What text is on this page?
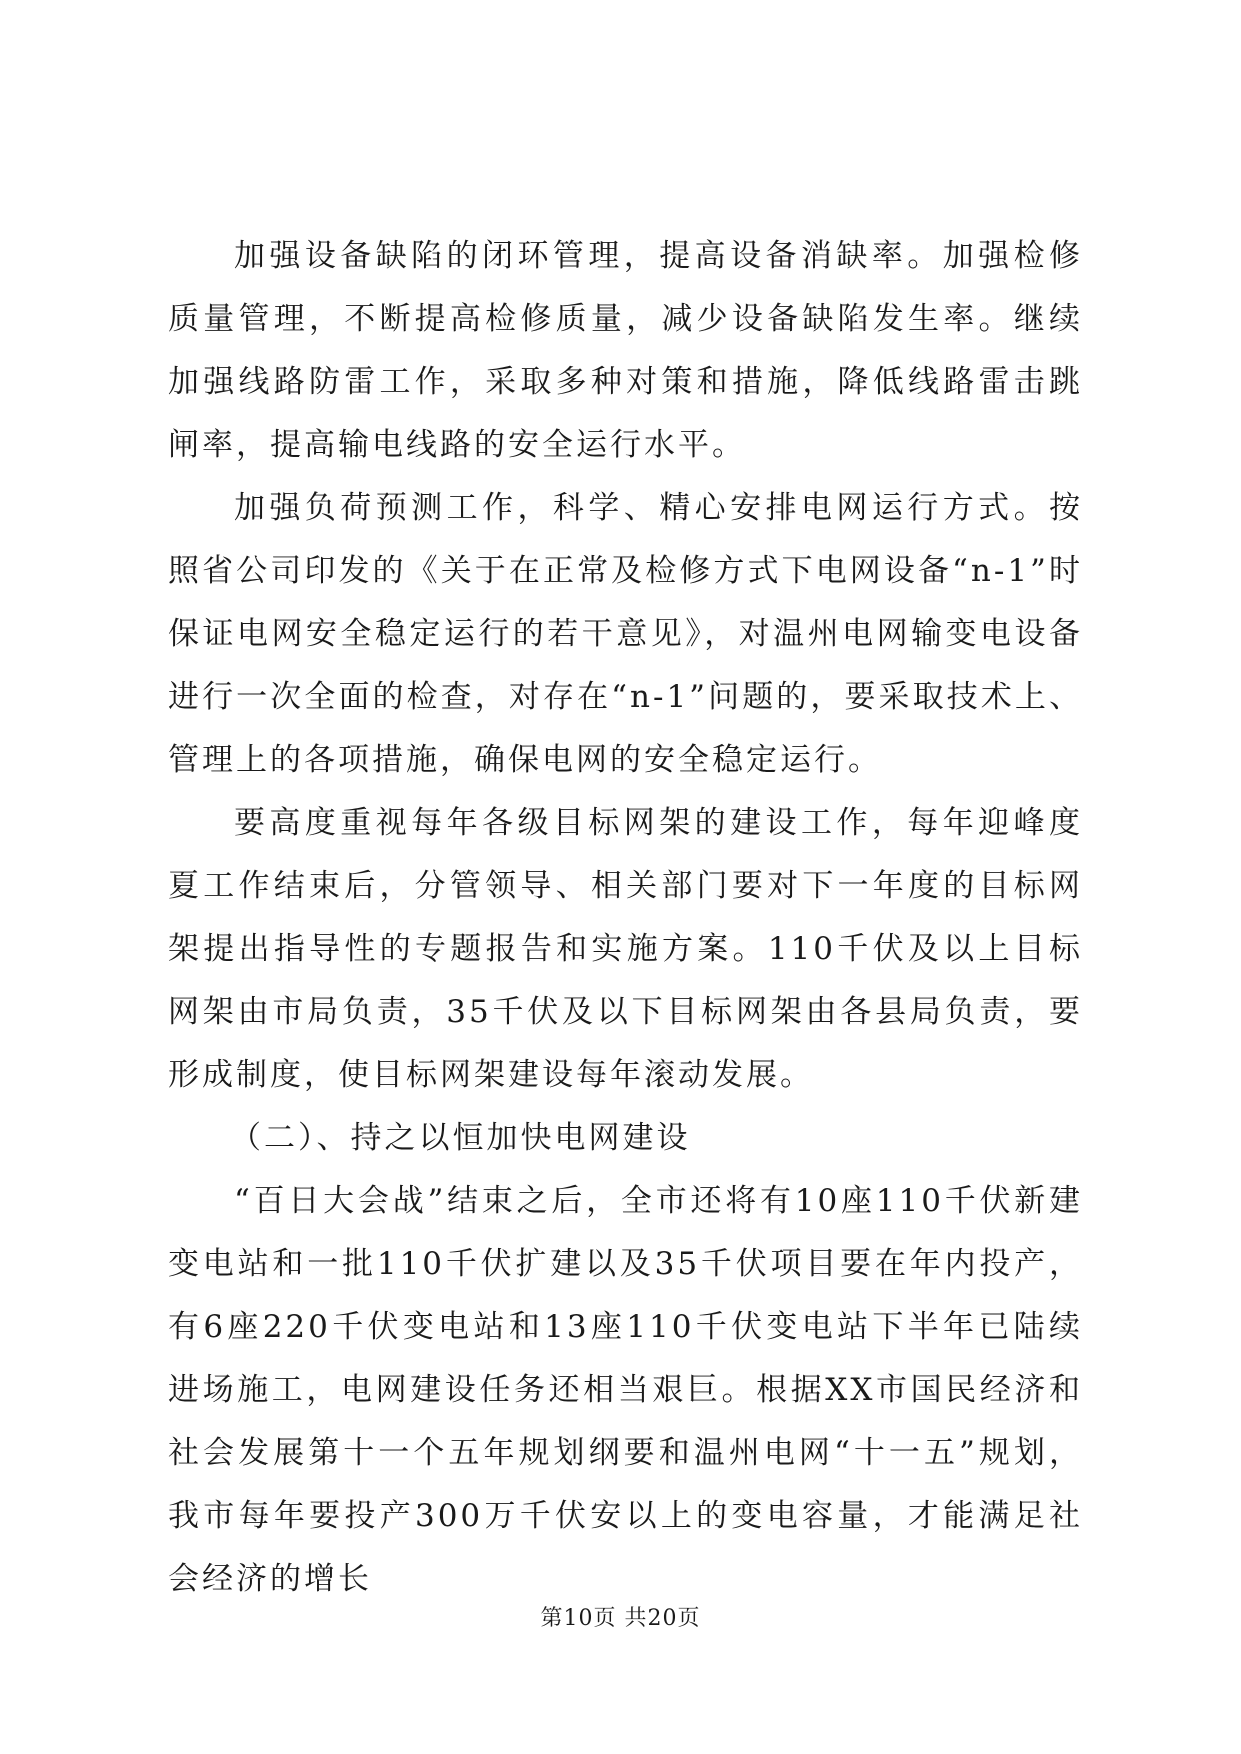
加强设备缺陷的闭环管理，提高设备消缺率。加强检修质量管理，不断提高检修质量，减少设备缺陷发生率。继续加强线路防雷工作，采取多种对策和措施，降低线路雷击跳闸率，提高输电线路的安全运行水平。

加强负荷预测工作，科学、精心安排电网运行方式。按照省公司印发的《关于在正常及检修方式下电网设备“n-1”时保证电网安全稳定运行的若干意见》，对温州电网输变电设备进行一次全面的检查，对存在“n-1”问题的，要采取技术上、管理上的各项措施，确保电网的安全稳定运行。

要高度重视每年各级目标网架的建设工作，每年迎峰度夏工作结束后，分管领导、相关部门要对下一年度的目标网架提出指导性的专题报告和实施方案。110千伏及以上目标网架由市局负责，35千伏及以下目标网架由各县局负责，要形成制度，使目标网架建设每年滚动发展。

（二）、持之以恒加快电网建设

“百日大会战”结束之后，全市还将有10座110千伏新建变电站和一批110千伏扩建以及35千伏项目要在年内投产，有6座220千伏变电站和13座110千伏变电站下半年已陆续进场施工，电网建设任务还相当艰巨。根据XX市国民经济和社会发展第十一个五年规划纲要和温州电网“十一五”规划，我市每年要投产300万千伏安以上的变电容量，才能满足社会经济的增长

第10页 共20页
